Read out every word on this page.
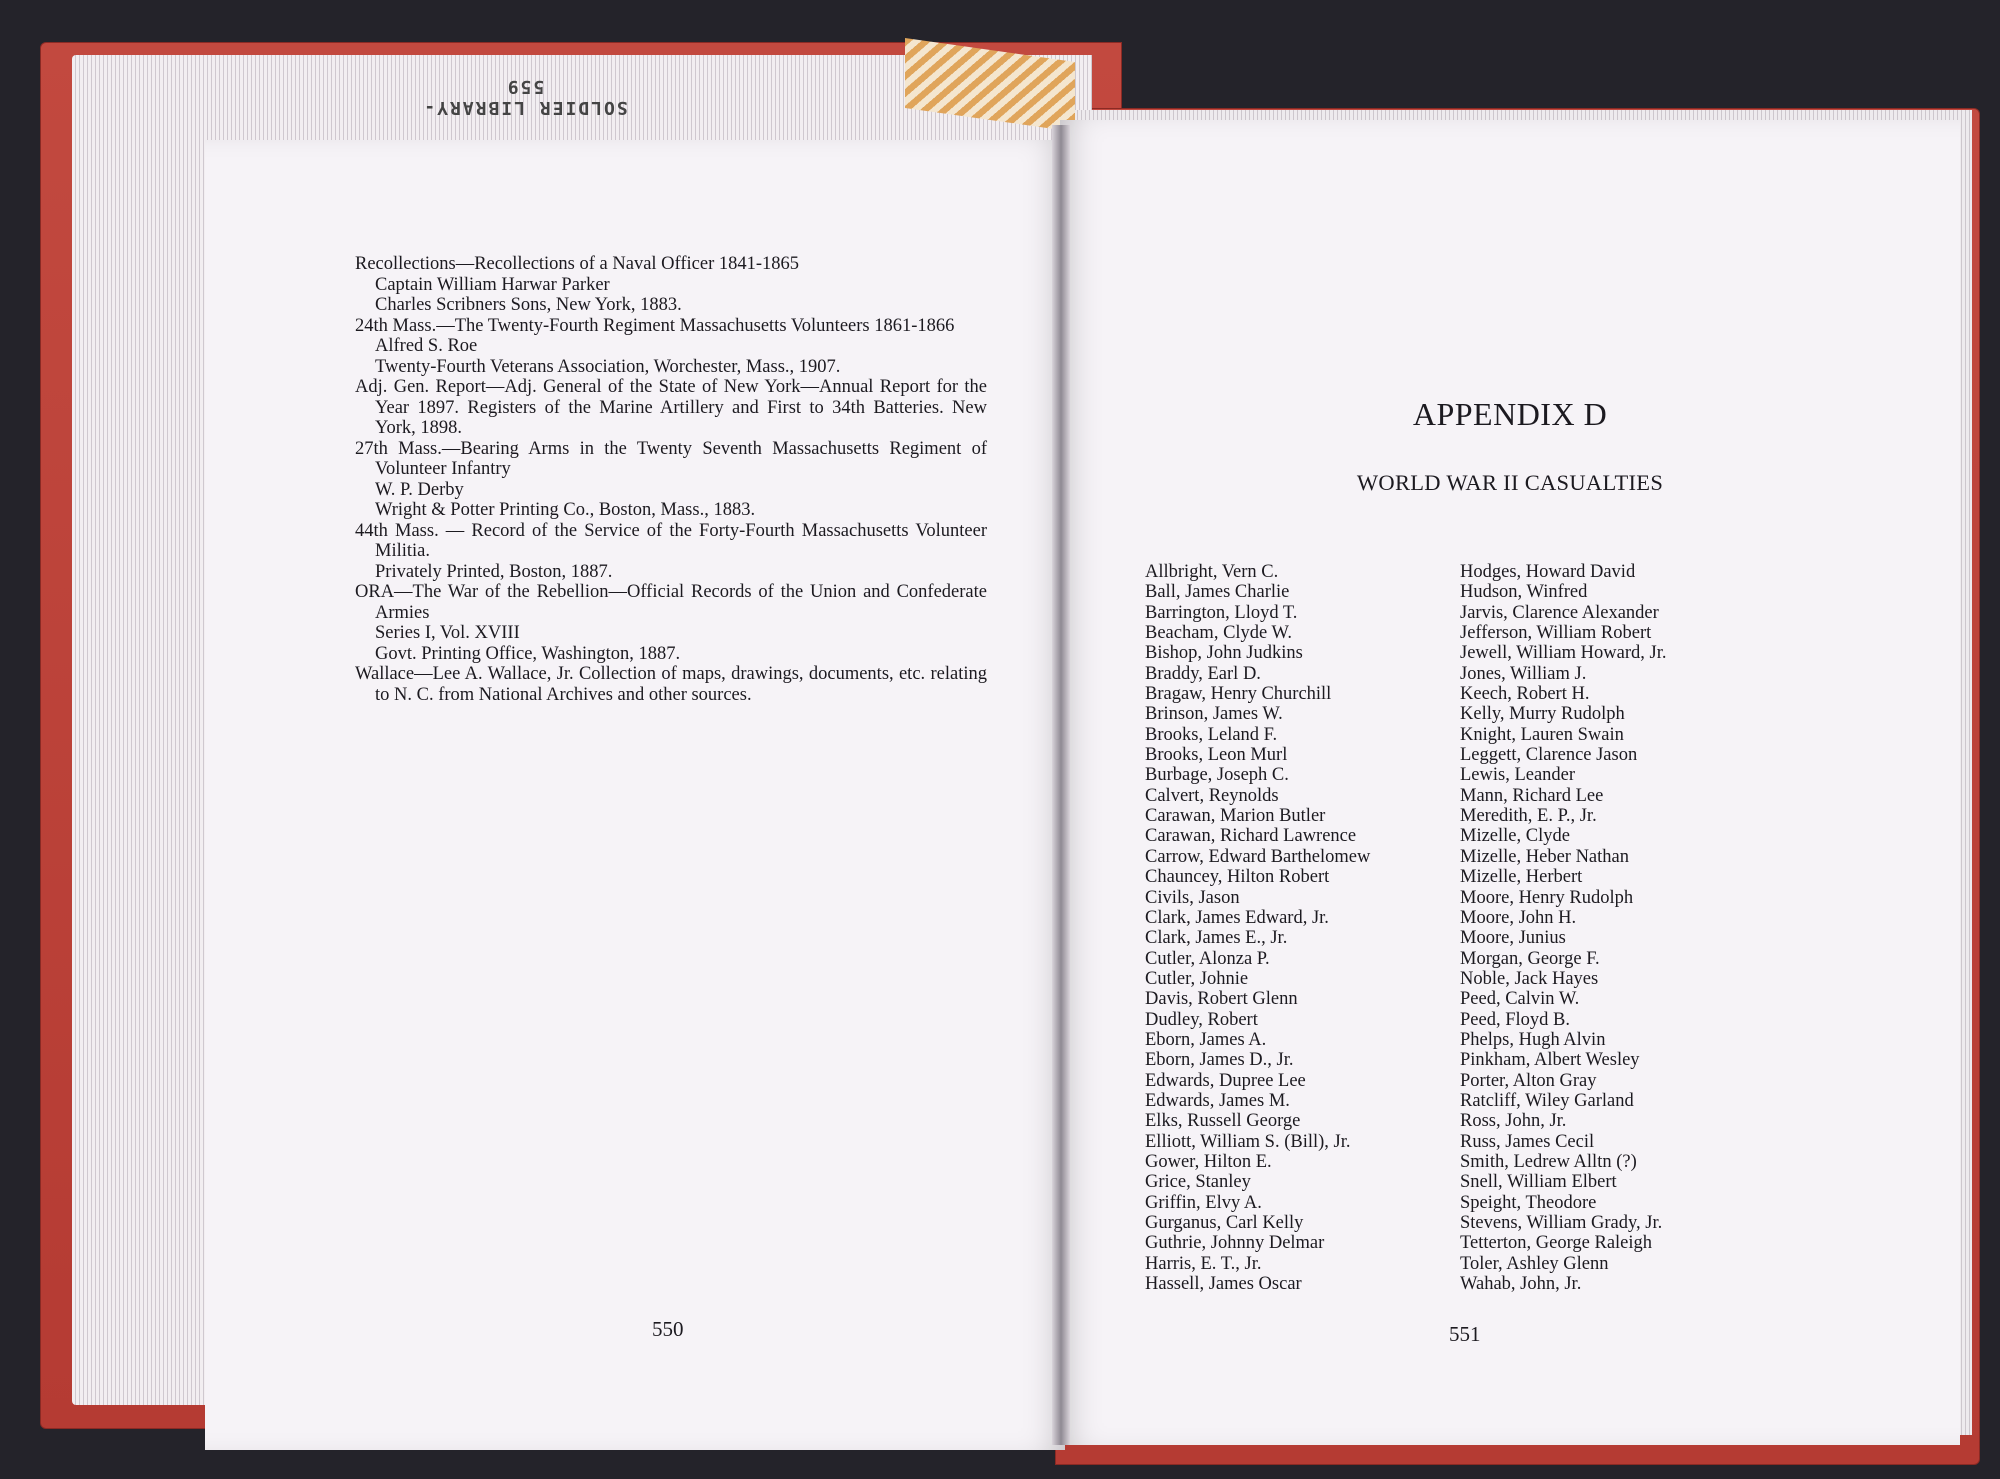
SOLDIER LIBRARY-559
Recollections—Recollections of a Naval Officer 1841-1865
Captain William Harwar Parker
Charles Scribners Sons, New York, 1883.
24th Mass.—The Twenty-Fourth Regiment Massachusetts Volunteers 1861-1866
Alfred S. Roe
Twenty-Fourth Veterans Association, Worchester, Mass., 1907.
Adj. Gen. Report—Adj. General of the State of New York—Annual Report for the Year 1897. Registers of the Marine Artillery and First to 34th Batteries. New York, 1898.
27th Mass.—Bearing Arms in the Twenty Seventh Massachusetts Regiment of Volunteer Infantry
W. P. Derby
Wright & Potter Printing Co., Boston, Mass., 1883.
44th Mass. — Record of the Service of the Forty-Fourth Massachusetts Volunteer Militia.
Privately Printed, Boston, 1887.
ORA—The War of the Rebellion—Official Records of the Union and Confederate Armies
Series I, Vol. XVIII
Govt. Printing Office, Washington, 1887.
Wallace—Lee A. Wallace, Jr. Collection of maps, drawings, documents, etc. relating to N. C. from National Archives and other sources.
550
APPENDIX D
WORLD WAR II CASUALTIES
Allbright, Vern C.
Ball, James Charlie
Barrington, Lloyd T.
Beacham, Clyde W.
Bishop, John Judkins
Braddy, Earl D.
Bragaw, Henry Churchill
Brinson, James W.
Brooks, Leland F.
Brooks, Leon Murl
Burbage, Joseph C.
Calvert, Reynolds
Carawan, Marion Butler
Carawan, Richard Lawrence
Carrow, Edward Barthelomew
Chauncey, Hilton Robert
Civils, Jason
Clark, James Edward, Jr.
Clark, James E., Jr.
Cutler, Alonza P.
Cutler, Johnie
Davis, Robert Glenn
Dudley, Robert
Eborn, James A.
Eborn, James D., Jr.
Edwards, Dupree Lee
Edwards, James M.
Elks, Russell George
Elliott, William S. (Bill), Jr.
Gower, Hilton E.
Grice, Stanley
Griffin, Elvy A.
Gurganus, Carl Kelly
Guthrie, Johnny Delmar
Harris, E. T., Jr.
Hassell, James Oscar
Hodges, Howard David
Hudson, Winfred
Jarvis, Clarence Alexander
Jefferson, William Robert
Jewell, William Howard, Jr.
Jones, William J.
Keech, Robert H.
Kelly, Murry Rudolph
Knight, Lauren Swain
Leggett, Clarence Jason
Lewis, Leander
Mann, Richard Lee
Meredith, E. P., Jr.
Mizelle, Clyde
Mizelle, Heber Nathan
Mizelle, Herbert
Moore, Henry Rudolph
Moore, John H.
Moore, Junius
Morgan, George F.
Noble, Jack Hayes
Peed, Calvin W.
Peed, Floyd B.
Phelps, Hugh Alvin
Pinkham, Albert Wesley
Porter, Alton Gray
Ratcliff, Wiley Garland
Ross, John, Jr.
Russ, James Cecil
Smith, Ledrew Alltn (?)
Snell, William Elbert
Speight, Theodore
Stevens, William Grady, Jr.
Tetterton, George Raleigh
Toler, Ashley Glenn
Wahab, John, Jr.
551
